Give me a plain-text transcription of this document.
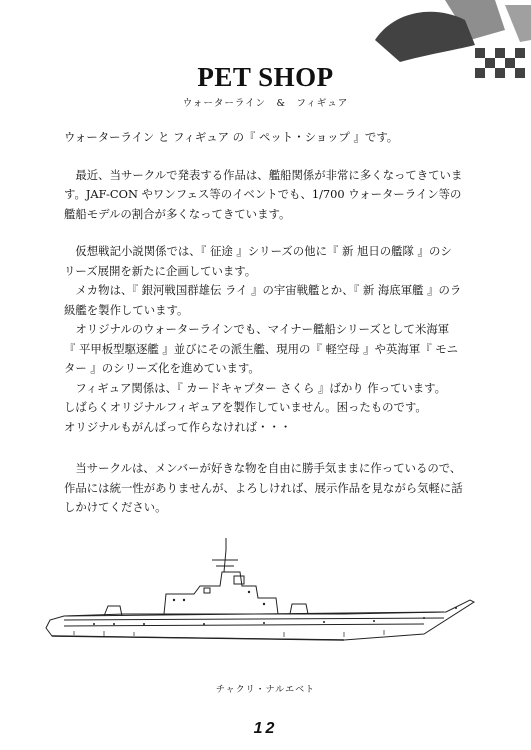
PET SHOP
ウォーターライン　&　フィギュア

ウォーターライン と フィギュア の『 ペット・ショップ 』です。

　最近、当サークルで発表する作品は、艦船関係が非常に多くなってきていま

す。JAF-CON やワンフェス等のイベントでも、1/700 ウォーターライン等の

艦船モデルの割合が多くなってきています。

　仮想戦記小説関係では、『 征途 』シリーズの他に『 新 旭日の艦隊 』のシ

リーズ展開を新たに企画しています。

　メカ物は、『 銀河戦国群雄伝 ライ 』の宇宙戦艦とか、『 新 海底軍艦 』のラ

級艦を製作しています。

　オリジナルのウォーターラインでも、マイナー艦船シリーズとして米海軍

『 平甲板型駆逐艦 』並びにその派生艦、現用の『 軽空母 』や英海軍『 モニ

ター 』のシリーズ化を進めています。

　フィギュア関係は、『 カードキャプター さくら 』ばかり 作っています。

しばらくオリジナルフィギュアを製作していません。困ったものです。

オリジナルもがんばって作らなければ・・・

　当サークルは、メンバーが好きな物を自由に勝手気ままに作っているので、

作品には統一性がありませんが、よろしければ、展示作品を見ながら気軽に話

しかけてください。

チャクリ・ナルエベト
12
